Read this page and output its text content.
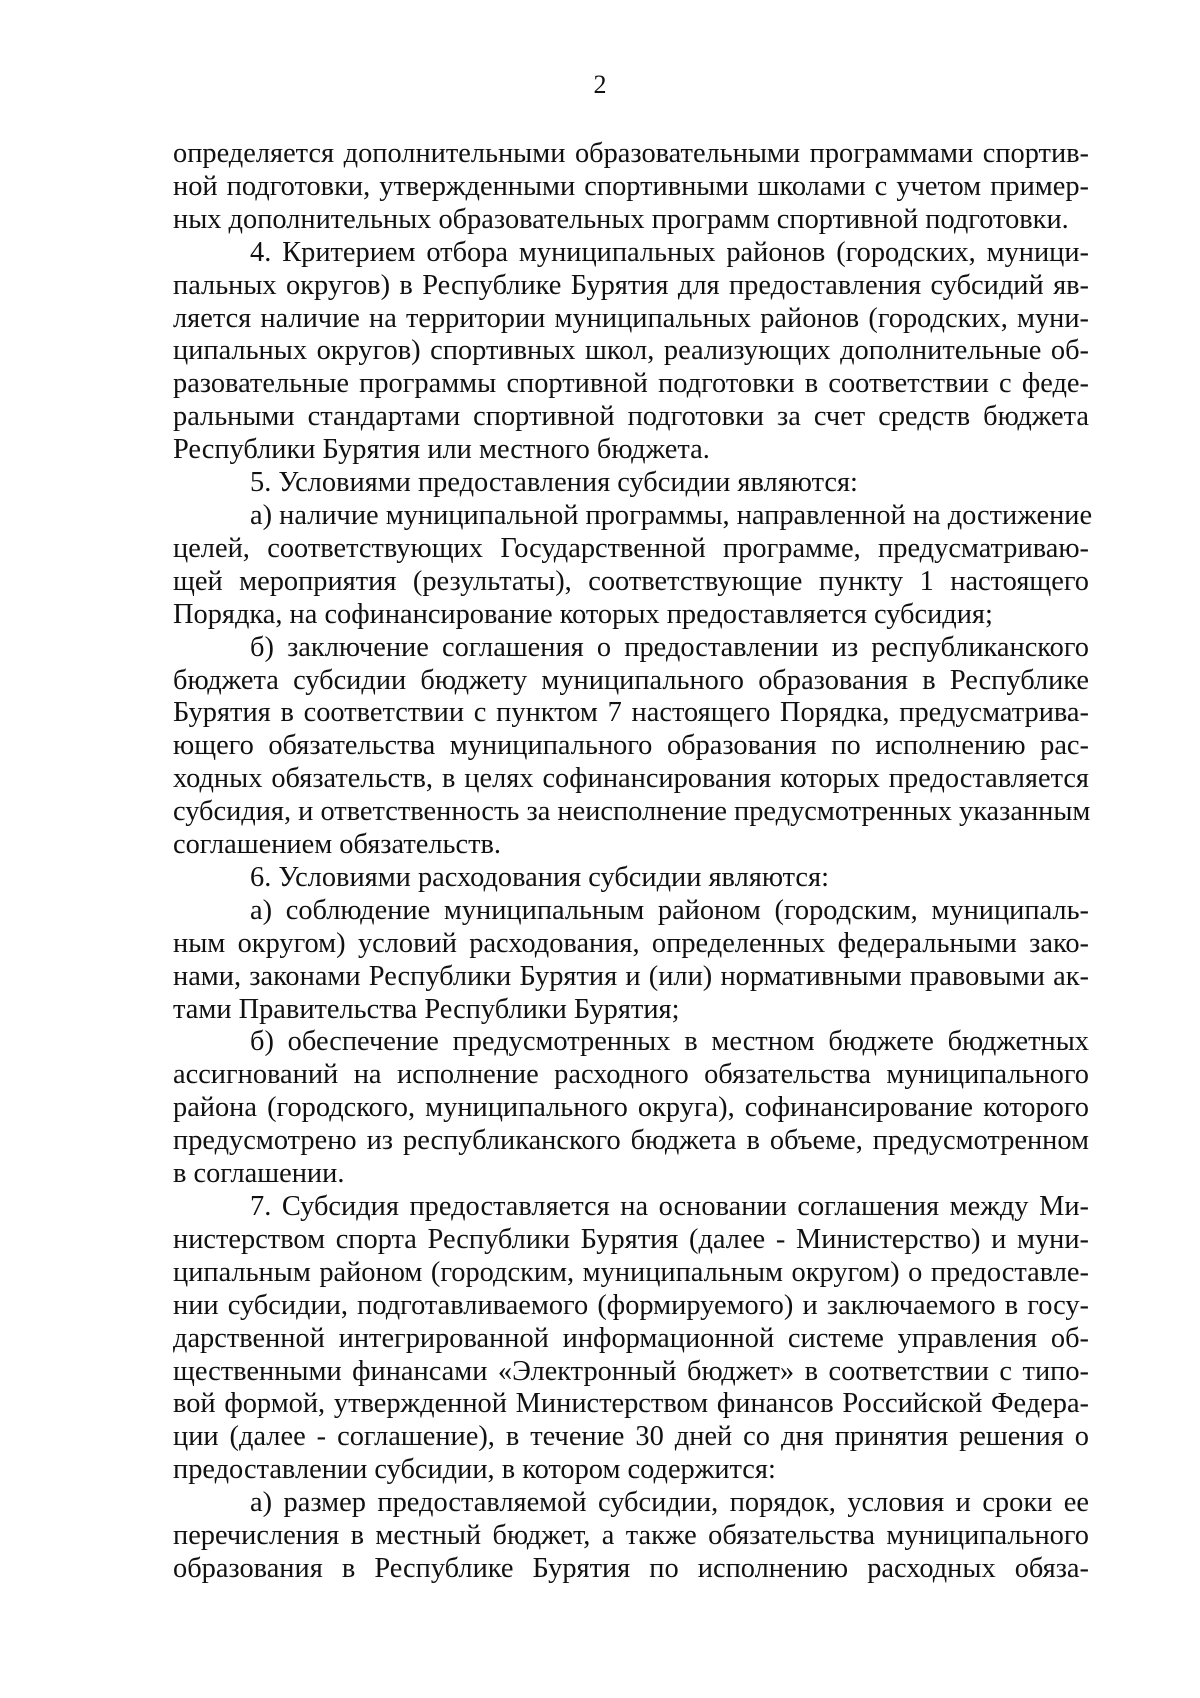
2

определяется дополнительными образовательными программами спортив-
ной подготовки, утвержденными спортивными школами с учетом пример-
ных дополнительных образовательных программ спортивной подготовки.

4. Критерием отбора муниципальных районов (городских, муници-
пальных округов) в Республике Бурятия для предоставления субсидий яв-
ляется наличие на территории муниципальных районов (городских, муни-
ципальных округов) спортивных школ, реализующих дополнительные об-
разовательные программы спортивной подготовки в соответствии с феде-
ральными стандартами спортивной подготовки за счет средств бюджета
Республики Бурятия или местного бюджета.

5. Условиями предоставления субсидии являются:

а) наличие муниципальной программы, направленной на достижение
целей, соответствующих Государственной программе, предусматриваю-
щей мероприятия (результаты), соответствующие пункту 1 настоящего
Порядка, на софинансирование которых предоставляется субсидия;

б) заключение соглашения о предоставлении из республиканского
бюджета субсидии бюджету муниципального образования в Республике
Бурятия в соответствии с пунктом 7 настоящего Порядка, предусматрива-
ющего обязательства муниципального образования по исполнению рас-
ходных обязательств, в целях софинансирования которых предоставляется
субсидия, и ответственность за неисполнение предусмотренных указанным
соглашением обязательств.

6. Условиями расходования субсидии являются:

а) соблюдение муниципальным районом (городским, муниципаль-
ным округом) условий расходования, определенных федеральными зако-
нами, законами Республики Бурятия и (или) нормативными правовыми ак-
тами Правительства Республики Бурятия;

б) обеспечение предусмотренных в местном бюджете бюджетных
ассигнований на исполнение расходного обязательства муниципального
района (городского, муниципального округа), софинансирование которого
предусмотрено из республиканского бюджета в объеме, предусмотренном
в соглашении.

7. Субсидия предоставляется на основании соглашения между Ми-
нистерством спорта Республики Бурятия (далее - Министерство) и муни-
ципальным районом (городским, муниципальным округом) о предоставле-
нии субсидии, подготавливаемого (формируемого) и заключаемого в госу-
дарственной интегрированной информационной системе управления об-
щественными финансами «Электронный бюджет» в соответствии с типо-
вой формой, утвержденной Министерством финансов Российской Федера-
ции (далее - соглашение), в течение 30 дней со дня принятия решения о
предоставлении субсидии, в котором содержится:

а) размер предоставляемой субсидии, порядок, условия и сроки ее
перечисления в местный бюджет, а также обязательства муниципального
образования в Республике Бурятия по исполнению расходных обяза-
